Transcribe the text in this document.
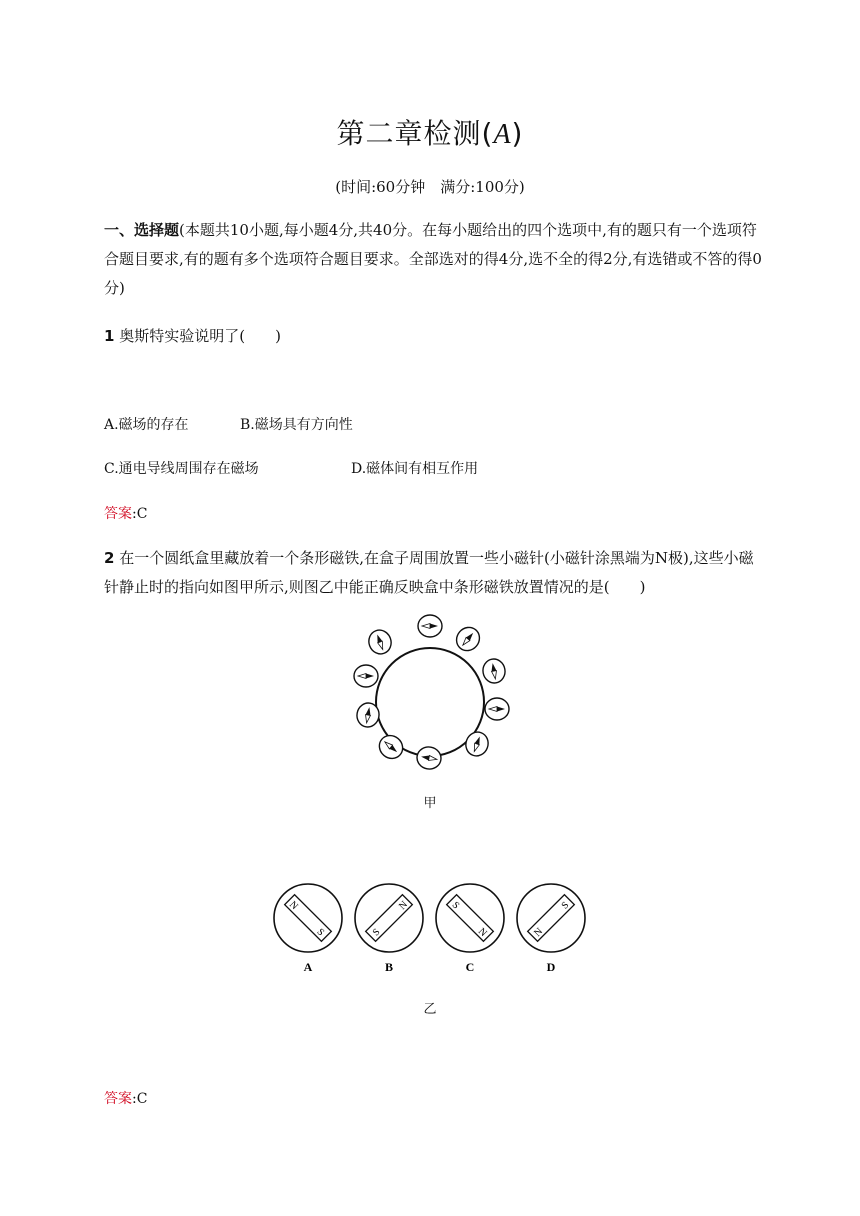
第二章检测(A)
(时间:60分钟　满分:100分)
一、选择题(本题共10小题,每小题4分,共40分。在每小题给出的四个选项中,有的题只有一个选项符合题目要求,有的题有多个选项符合题目要求。全部选对的得4分,选不全的得2分,有选错或不答的得0分)
1 奥斯特实验说明了(　　)
A.磁场的存在	B.磁场具有方向性
C.通电导线周围存在磁场	D.磁体间有相互作用
答案:C
2 在一个圆纸盒里藏放着一个条形磁铁,在盒子周围放置一些小磁针(小磁针涂黑端为N极),这些小磁针静止时的指向如图甲所示,则图乙中能正确反映盒中条形磁铁放置情况的是(　　)
甲
N
S
A
S
N
B
S
N
C
N
S
D
乙
答案:C
